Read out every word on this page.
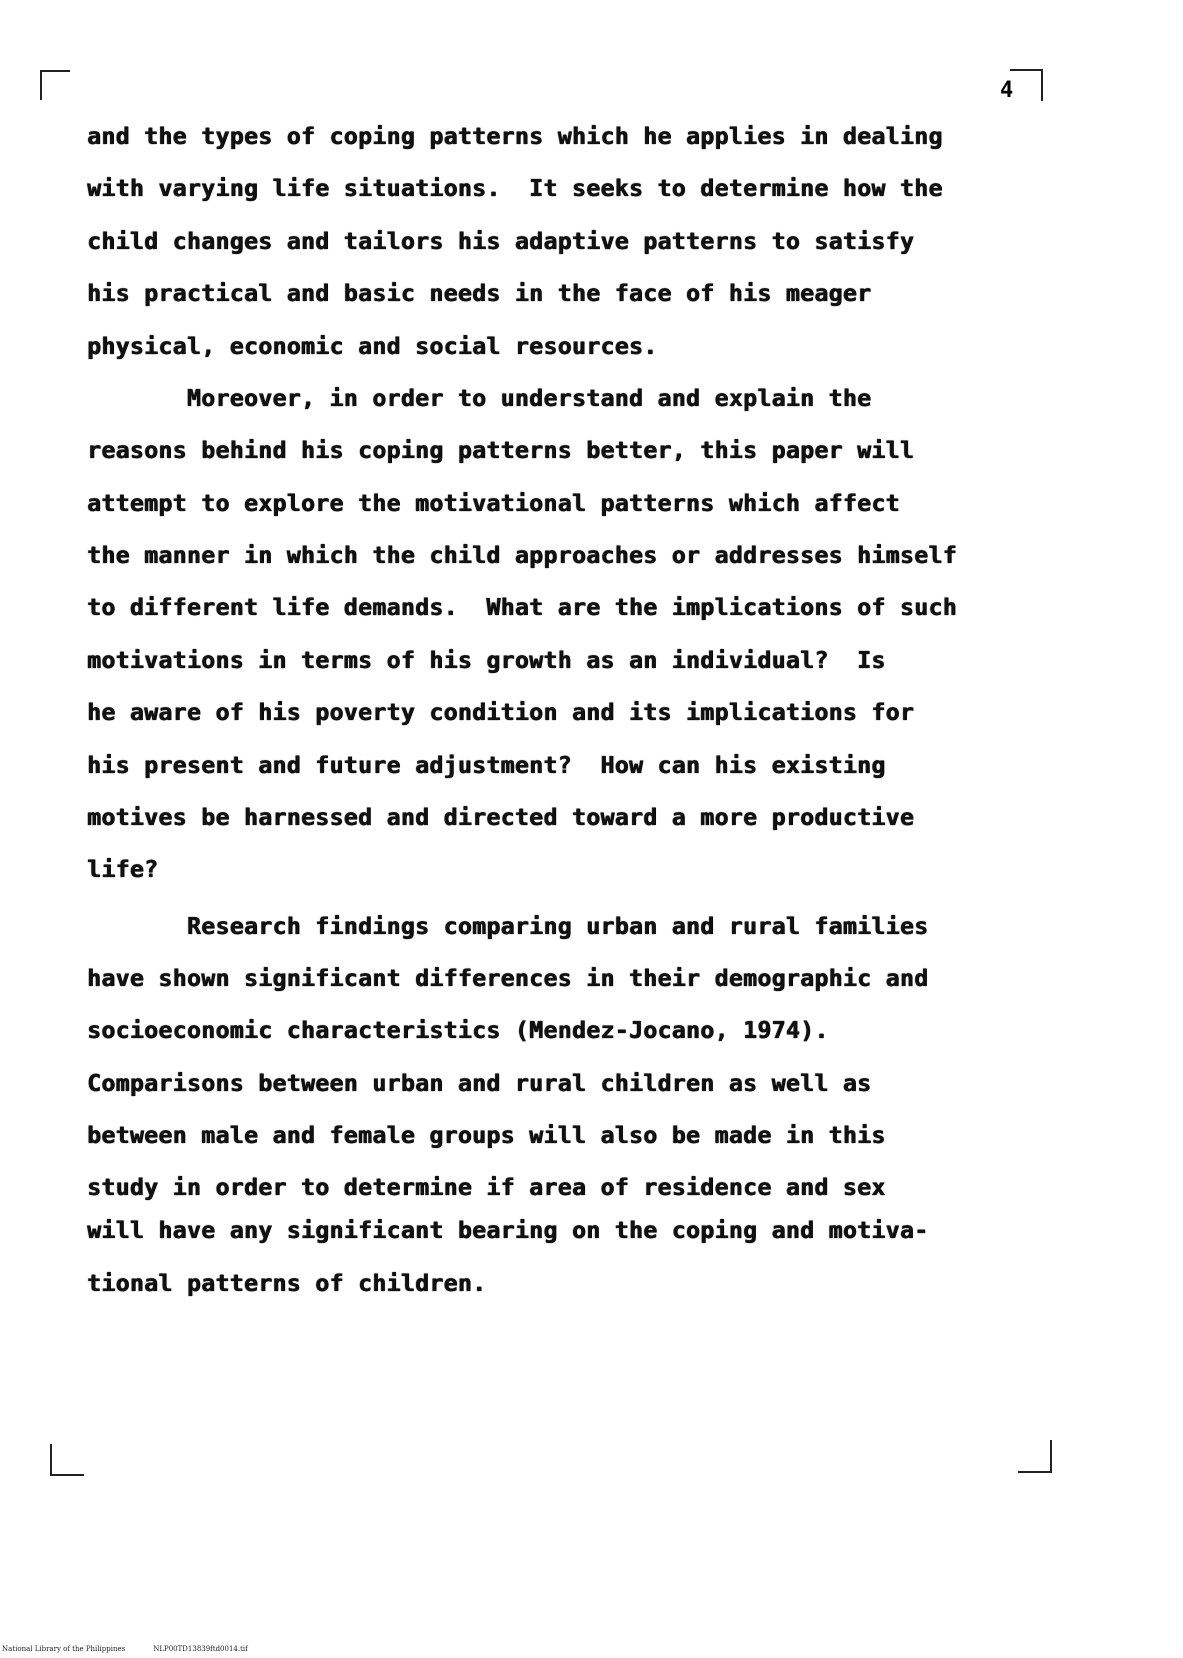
4
and the types of coping patterns which he applies in dealing
with varying life situations.  It seeks to determine how the
child changes and tailors his adaptive patterns to satisfy
his practical and basic needs in the face of his meager
physical, economic and social resources.
Moreover, in order to understand and explain the
reasons behind his coping patterns better, this paper will
attempt to explore the motivational patterns which affect
the manner in which the child approaches or addresses himself
to different life demands.  What are the implications of such
motivations in terms of his growth as an individual?  Is
he aware of his poverty condition and its implications for
his present and future adjustment?  How can his existing
motives be harnessed and directed toward a more productive
life?
Research findings comparing urban and rural families
have shown significant differences in their demographic and
socioeconomic characteristics (Mendez-Jocano, 1974).
Comparisons between urban and rural children as well as
between male and female groups will also be made in this
study in order to determine if area of residence and sex
will have any significant bearing on the coping and motiva-
tional patterns of children.
National Library of the Philippines	NLP00TD13839ftd0014.tif
